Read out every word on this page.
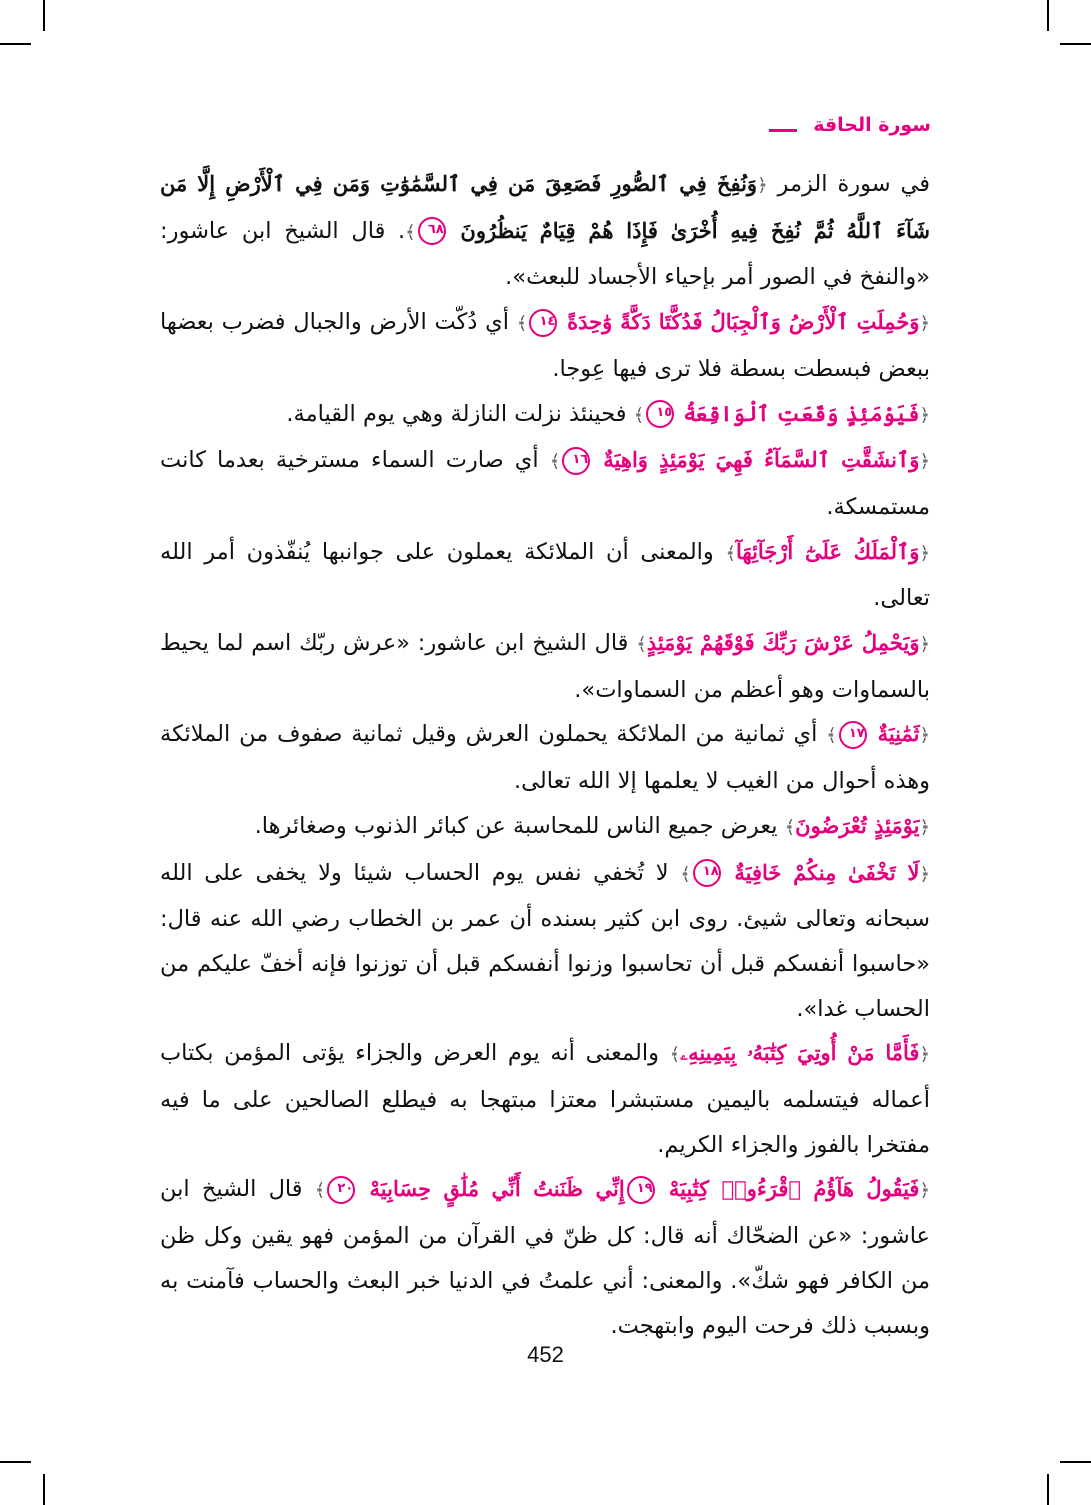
سورة الحاقة

في سورة الزمر ﴿وَنُفِخَ فِي ٱلصُّورِ فَصَعِقَ مَن فِي ٱلسَّمَٰوَٰتِ وَمَن فِي ٱلْأَرْضِ إِلَّا مَن شَآءَ ٱللَّهُ ثُمَّ نُفِخَ فِيهِ أُخْرَىٰ فَإِذَا هُمْ قِيَامٌ يَنظُرُونَ ٦٨﴾. قال الشيخ ابن عاشور: «والنفخ في الصور أمر بإحياء الأجساد للبعث».

﴿وَحُمِلَتِ ٱلْأَرْضُ وَٱلْجِبَالُ فَدُكَّتَا دَكَّةً وَٰحِدَةً ١٤﴾ أي دُكّت الأرض والجبال فضرب بعضها ببعض فبسطت بسطة فلا ترى فيها عِوجا.

﴿فَيَوْمَئِذٍ وَقَعَتِ ٱلْوَاقِعَةُ ١٥﴾ فحينئذ نزلت النازلة وهي يوم القيامة.

﴿وَٱنشَقَّتِ ٱلسَّمَآءُ فَهِيَ يَوْمَئِذٍ وَاهِيَةٌ ١٦﴾ أي صارت السماء مسترخية بعدما كانت مستمسكة.

﴿وَٱلْمَلَكُ عَلَىٰٓ أَرْجَآئِهَآ﴾ والمعنى أن الملائكة يعملون على جوانبها يُنفّذون أمر الله تعالى.

﴿وَيَحْمِلُ عَرْشَ رَبِّكَ فَوْقَهُمْ يَوْمَئِذٍ﴾ قال الشيخ ابن عاشور: «عرش ربّك اسم لما يحيط بالسماوات وهو أعظم من السماوات».

﴿ثَمَٰنِيَةٌ ١٧﴾ أي ثمانية من الملائكة يحملون العرش وقيل ثمانية صفوف من الملائكة وهذه أحوال من الغيب لا يعلمها إلا الله تعالى.

﴿يَوْمَئِذٍ تُعْرَضُونَ﴾ يعرض جميع الناس للمحاسبة عن كبائر الذنوب وصغائرها.

﴿لَا تَخْفَىٰ مِنكُمْ خَافِيَةٌ ١٨﴾ لا تُخفي نفس يوم الحساب شيئا ولا يخفى على الله سبحانه وتعالى شيئ. روى ابن كثير بسنده أن عمر بن الخطاب رضي الله عنه قال: «حاسبوا أنفسكم قبل أن تحاسبوا وزنوا أنفسكم قبل أن توزنوا فإنه أخفّ عليكم من الحساب غدا».

﴿فَأَمَّا مَنْ أُوتِيَ كِتَٰبَهُۥ بِيَمِينِهِۦ﴾ والمعنى أنه يوم العرض والجزاء يؤتى المؤمن بكتاب أعماله فيتسلمه باليمين مستبشرا معتزا مبتهجا به فيطلع الصالحين على ما فيه مفتخرا بالفوز والجزاء الكريم.

﴿فَيَقُولُ هَآؤُمُ ٱقْرَءُوا۟ كِتَٰبِيَهْ ١٩إِنِّي ظَنَنتُ أَنِّي مُلَٰقٍ حِسَابِيَهْ ٢٠﴾ قال الشيخ ابن عاشور: «عن الضحّاك أنه قال: كل ظنّ في القرآن من المؤمن فهو يقين وكل ظن من الكافر فهو شكّ». والمعنى: أني علمتُ في الدنيا خبر البعث والحساب فآمنت به وبسبب ذلك فرحت اليوم وابتهجت.

452
